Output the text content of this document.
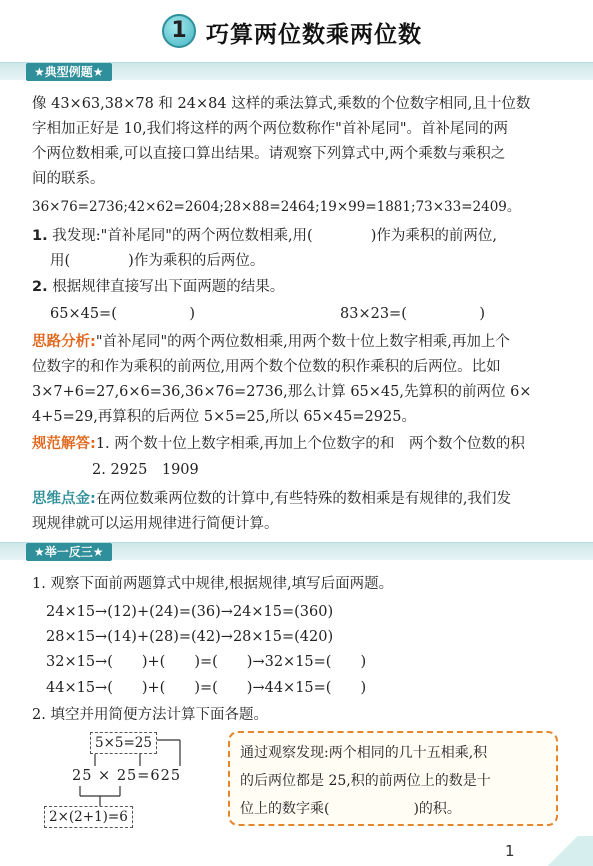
1 巧算两位数乘两位数
★典型例题★
像 43×63,38×78 和 24×84 这样的乘法算式,乘数的个位数字相同,且十位数
字相加正好是 10,我们将这样的两个两位数称作"首补尾同"。首补尾同的两
个两位数相乘,可以直接口算出结果。请观察下列算式中,两个乘数与乘积之
间的联系。
36×76=2736;42×62=2604;28×88=2464;19×99=1881;73×33=2409。
1. 我发现:"首补尾同"的两个两位数相乘,用(　　　　)作为乘积的前两位,
用(　　　　)作为乘积的后两位。
2. 根据规律直接写出下面两题的结果。
65×45=(　　　　　)	83×23=(　　　　　)
思路分析:"首补尾同"的两个两位数相乘,用两个数十位上数字相乘,再加上个
位数字的和作为乘积的前两位,用两个数个位数的积作乘积的后两位。比如
3×7+6=27,6×6=36,36×76=2736,那么计算 65×45,先算积的前两位 6×
4+5=29,再算积的后两位 5×5=25,所以 65×45=2925。
规范解答:1. 两个数十位上数字相乘,再加上个位数字的和　两个数个位数的积
2. 2925　1909
思维点金:在两位数乘两位数的计算中,有些特殊的数相乘是有规律的,我们发
现规律就可以运用规律进行简便计算。
★举一反三★
1. 观察下面前两题算式中规律,根据规律,填写后面两题。
24×15→(12)+(24)=(36)→24×15=(360)
28×15→(14)+(28)=(42)→28×15=(420)
32×15→(　　)+(　　)=(　　)→32×15=(　　)
44×15→(　　)+(　　)=(　　)→44×15=(　　)
2. 填空并用简便方法计算下面各题。
5×5=25
25 × 25=625
2×(2+1)=6
通过观察发现:两个相同的几十五相乘,积
的后两位都是 25,积的前两位上的数是十
位上的数字乘(　　　　　　)的积。
1
